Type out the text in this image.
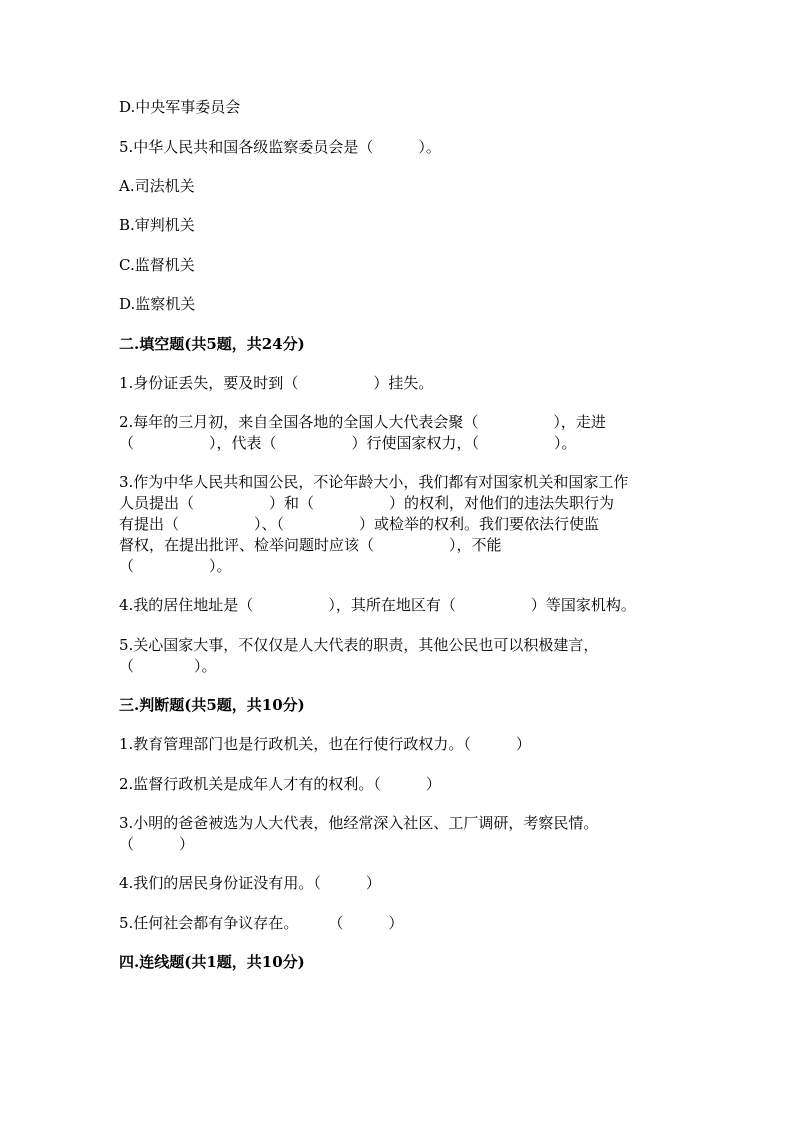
D.中央军事委员会
5.中华人民共和国各级监察委员会是（　　　）。
A.司法机关
B.审判机关
C.监督机关
D.监察机关
二.填空题(共5题，共24分)
1.身份证丢失，要及时到（　　　　　）挂失。
2.每年的三月初，来自全国各地的全国人大代表会聚（　　　　　），走进
（　　　　　），代表（　　　　　）行使国家权力，（　　　　　）。
3.作为中华人民共和国公民，不论年龄大小，我们都有对国家机关和国家工作
人员提出（　　　　　）和（　　　　　）的权利，对他们的违法失职行为
有提出（　　　　　）、（　　　　　）或检举的权利。我们要依法行使监
督权，在提出批评、检举问题时应该（　　　　　），不能
（　　　　　）。
4.我的居住地址是（　　　　　），其所在地区有（　　　　　）等国家机构。
5.关心国家大事，不仅仅是人大代表的职责，其他公民也可以积极建言，
（　　　　）。
三.判断题(共5题，共10分)
1.教育管理部门也是行政机关，也在行使行政权力。（　　　）
2.监督行政机关是成年人才有的权利。（　　　）
3.小明的爸爸被选为人大代表，他经常深入社区、工厂调研，考察民情。
（　　　）
4.我们的居民身份证没有用。（　　　）
5.任何社会都有争议存在。　　　（　　　）
四.连线题(共1题，共10分)
